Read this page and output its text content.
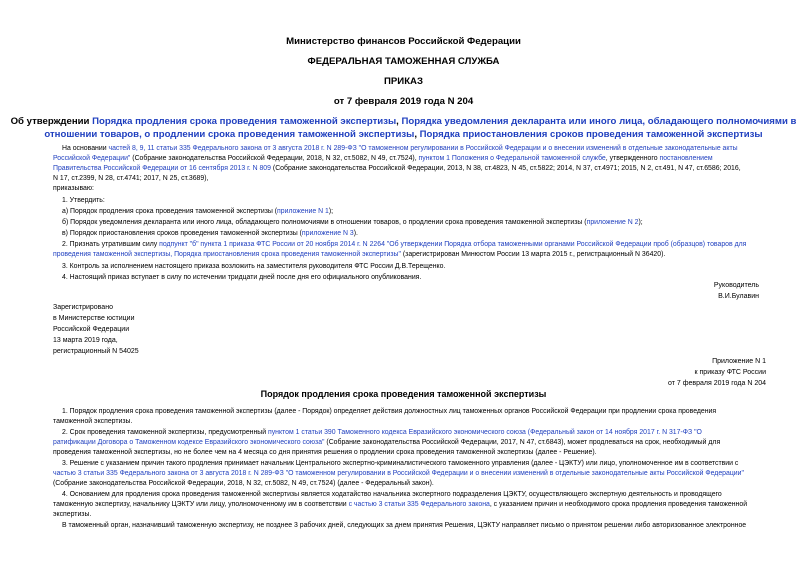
Министерство финансов Российской Федерации
ФЕДЕРАЛЬНАЯ ТАМОЖЕННАЯ СЛУЖБА
ПРИКАЗ
от 7 февраля 2019 года N 204
Об утверждении Порядка продления срока проведения таможенной экспертизы, Порядка уведомления декларанта или иного лица, обладающего полномочиями в
отношении товаров, о продлении срока проведения таможенной экспертизы, Порядка приостановления сроков проведения таможенной экспертизы
На основании частей 8, 9, 11 статьи 335 Федерального закона от 3 августа 2018 г. N 289-ФЗ "О таможенном регулировании в Российской Федерации и о внесении изменений в отдельные законодательные акты
Российской Федерации" (Собрание законодательства Российской Федерации, 2018, N 32, ст.5082, N 49, ст.7524), пунктом 1 Положения о Федеральной таможенной службе, утвержденного постановлением
Правительства Российской Федерации от 16 сентября 2013 г. N 809 (Собрание законодательства Российской Федерации, 2013, N 38, ст.4823, N 45, ст.5822; 2014, N 37, ст.4971; 2015, N 2, ст.491, N 47, ст.6586; 2016,
N 17, ст.2399, N 28, ст.4741; 2017, N 25, ст.3689),
приказываю:
1. Утвердить:
а) Порядок продления срока проведения таможенной экспертизы (приложение N 1);
б) Порядок уведомления декларанта или иного лица, обладающего полномочиями в отношении товаров, о продлении срока проведения таможенной экспертизы (приложение N 2);
в) Порядок приостановления сроков проведения таможенной экспертизы (приложение N 3).
2. Признать утратившим силу подпункт "б" пункта 1 приказа ФТС России от 20 ноября 2014 г. N 2264 "Об утверждении Порядка отбора таможенными органами Российской Федерации проб (образцов) товаров для
проведения таможенной экспертизы, Порядка приостановления срока проведения таможенной экспертизы" (зарегистрирован Минюстом России 13 марта 2015 г., регистрационный N 36420).
3. Контроль за исполнением настоящего приказа возложить на заместителя руководителя ФТС России Д.В.Терещенко.
4. Настоящий приказ вступает в силу по истечении тридцати дней после дня его официального опубликования.
Руководитель
В.И.Булавин
Зарегистрировано
в Министерстве юстиции
Российской Федерации
13 марта 2019 года,
регистрационный N 54025
Приложение N 1
к приказу ФТС России
от 7 февраля 2019 года N 204
Порядок продления срока проведения таможенной экспертизы
1. Порядок продления срока проведения таможенной экспертизы (далее - Порядок) определяет действия должностных лиц таможенных органов Российской Федерации при продлении срока проведения
таможенной экспертизы.
2. Срок проведения таможенной экспертизы, предусмотренный пунктом 1 статьи 390 Таможенного кодекса Евразийского экономического союза (Федеральный закон от 14 ноября 2017 г. N 317-ФЗ "О
ратификации Договора о Таможенном кодексе Евразийского экономического союза" (Собрание законодательства Российской Федерации, 2017, N 47, ст.6843), может продлеваться на срок, необходимый для
проведения таможенной экспертизы, но не более чем на 4 месяца со дня принятия решения о продлении срока проведения таможенной экспертизы (далее - Решение).
3. Решение с указанием причин такого продления принимает начальник Центрального экспертно-криминалистического таможенного управления (далее - ЦЭКТУ) или лицо, уполномоченное им в соответствии с
частью 3 статьи 335 Федерального закона от 3 августа 2018 г. N 289-ФЗ "О таможенном регулировании в Российской Федерации и о внесении изменений в отдельные законодательные акты Российской Федерации"
(Собрание законодательства Российской Федерации, 2018, N 32, ст.5082, N 49, ст.7524) (далее - Федеральный закон).
4. Основанием для продления срока проведения таможенной экспертизы является ходатайство начальника экспертного подразделения ЦЭКТУ, осуществляющего экспертную деятельность и проводящего
таможенную экспертизу, начальнику ЦЭКТУ или лицу, уполномоченному им в соответствии с частью 3 статьи 335 Федерального закона, с указанием причин и необходимого срока продления проведения таможенной
экспертизы.
В таможенный орган, назначивший таможенную экспертизу, не позднее 3 рабочих дней, следующих за днем принятия Решения, ЦЭКТУ направляет письмо о принятом решении либо авторизованное электронное
